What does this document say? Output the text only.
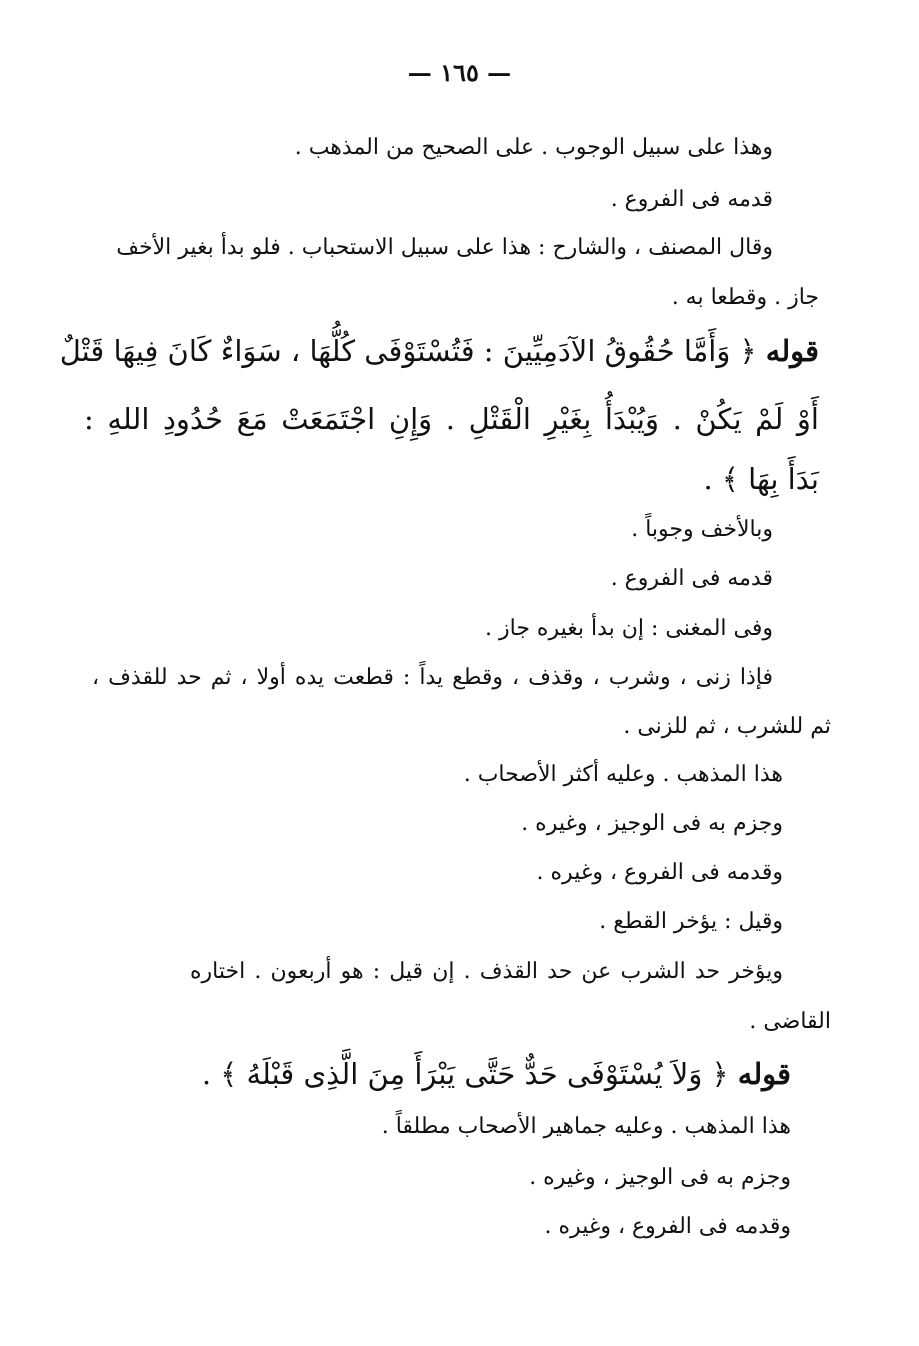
— ١٦٥ —
وهذا على سبيل الوجوب . على الصحيح من المذهب .
قدمه فى الفروع .
وقال المصنف ، والشارح : هذا على سبيل الاستحباب . فلو بدأ بغير الأخف
جاز . وقطعا به .
قوله ﴿ وَأَمَّا حُقُوقُ الآدَمِيِّينَ : فَتُسْتَوْفَى كُلُّهَا ، سَوَاءٌ كَانَ فِيهَا قَتْلٌ
أَوْ لَمْ يَكُنْ . وَيُبْدَأُ بِغَيْرِ الْقَتْلِ . وَإِنِ اجْتَمَعَتْ مَعَ حُدُودِ اللهِ :
بَدَأَ بِهَا ﴾ .
وبالأخف وجوباً .
قدمه فى الفروع .
وفى المغنى : إن بدأ بغيره جاز .
فإذا زنى ، وشرب ، وقذف ، وقطع يداً : قطعت يده أولا ، ثم حد للقذف ،
ثم للشرب ، ثم للزنى .
هذا المذهب . وعليه أكثر الأصحاب .
وجزم به فى الوجيز ، وغيره .
وقدمه فى الفروع ، وغيره .
وقيل : يؤخر القطع .
ويؤخر حد الشرب عن حد القذف . إن قيل : هو أربعون . اختاره
القاضى .
قوله ﴿ وَلاَ يُسْتَوْفَى حَدٌّ حَتَّى يَبْرَأَ مِنَ الَّذِى قَبْلَهُ ﴾ .
هذا المذهب . وعليه جماهير الأصحاب مطلقاً .
وجزم به فى الوجيز ، وغيره .
وقدمه فى الفروع ، وغيره .
